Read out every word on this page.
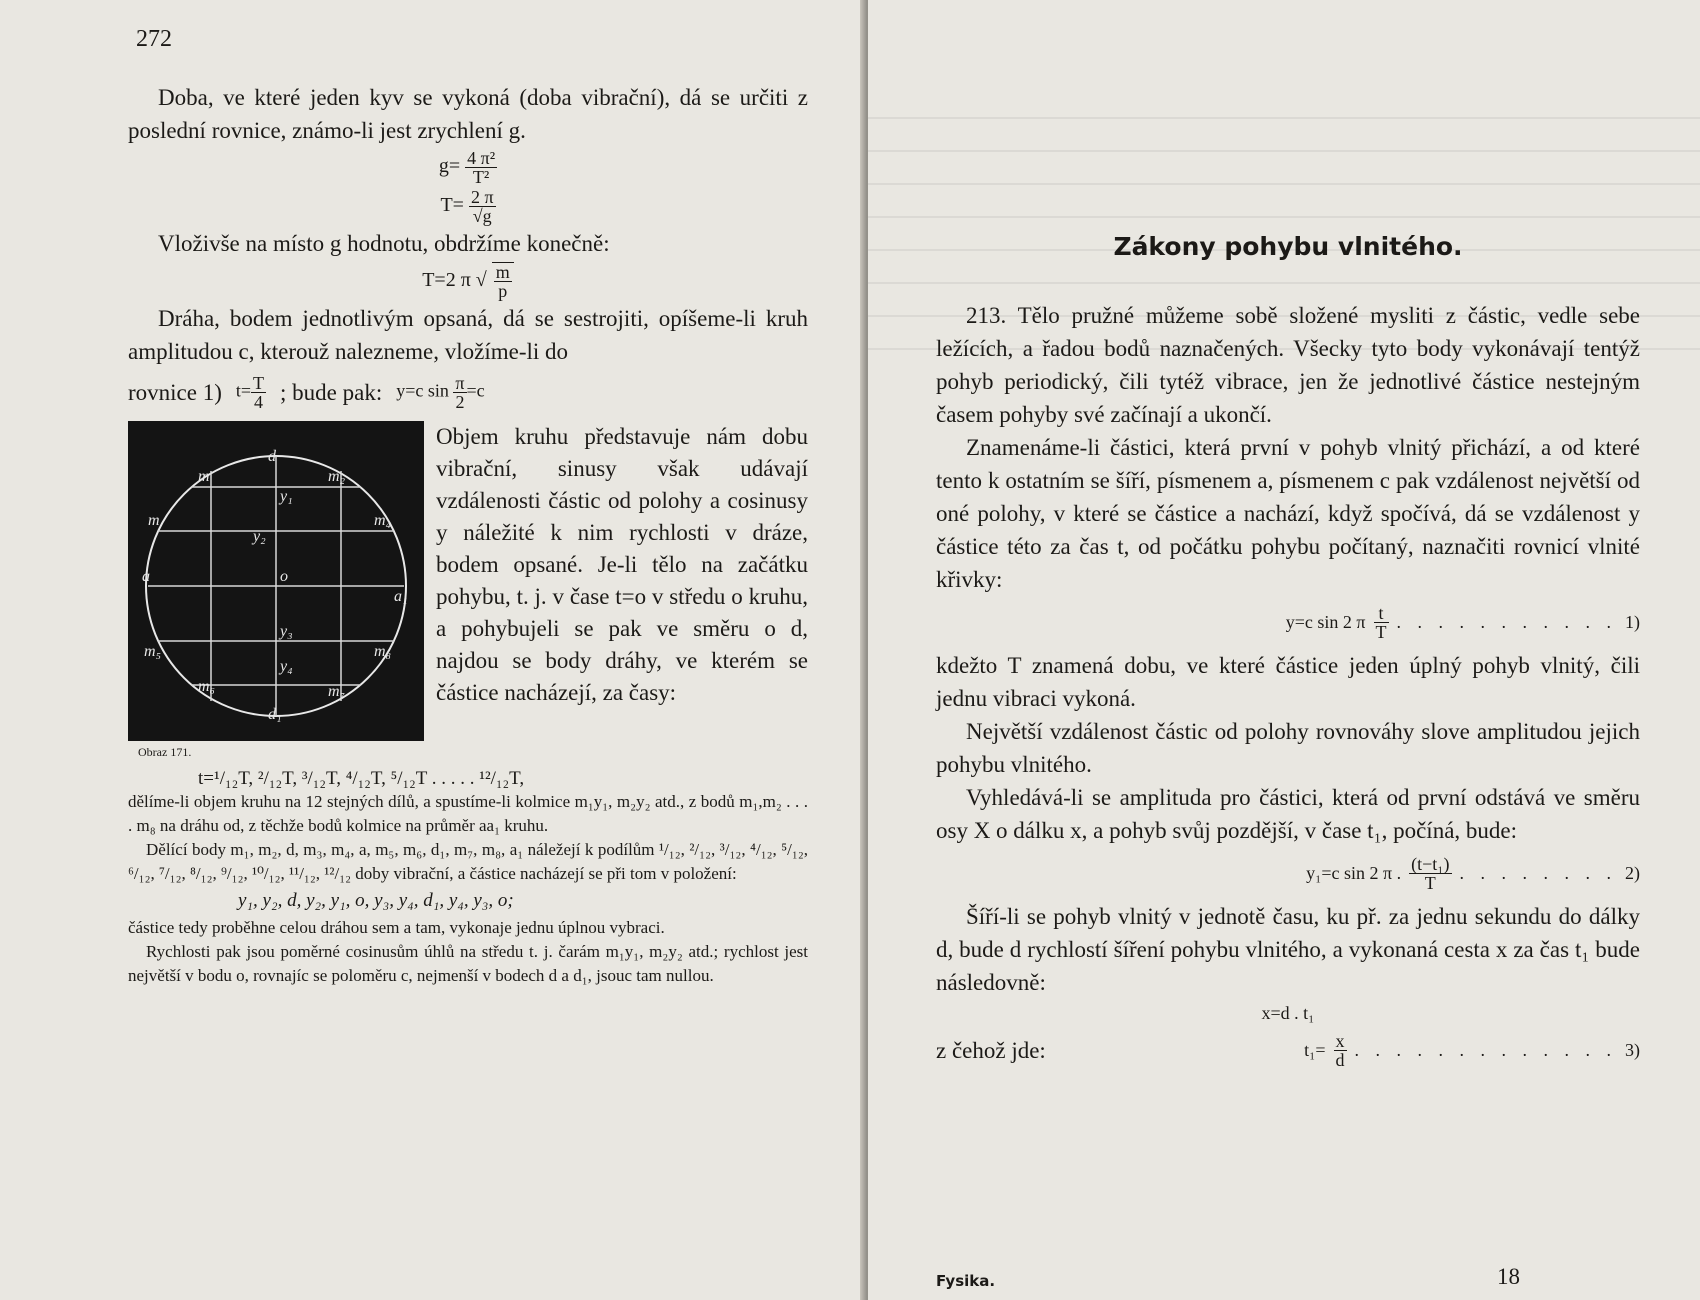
272

Doba, ve které jeden kyv se vykoná (doba vibrační), dá se určiti z poslední rovnice, známo-li jest zrychlení g.

$g= \frac{\text{4 π²}}{\text{T²}}$
$T= \frac{2 \pi}{√g}$

Vloživše na místo g hodnotu, obdržíme konečně:

T=2 π √ $\frac{m}{p}$

Dráha, bodem jednotlivým opsaná, dá se sestrojiti, opíšeme-li kruh amplitudou c, kterouž nalezneme, vložíme-li do

rovnice 1) $t= \frac{T}{4}$ ; bude pak: y=c $\sin \frac{\pi}{2} =c$
d
m	m₂
y₁
y₂
m	m₄
a	o
a₁
m₅
y₃
m₈
y₄
m₆	m₇
d₁
Obraz 171.

Objem kruhu představuje nám dobu vibrační, sinusy však udávají vzdálenosti částic od polohy a cosinusy y náležité k nim rychlosti v dráze, bodem opsané. Je-li tělo na začátku pohybu, t. j. v čase t=o v středu o kruhu, a pohybujeli se pak ve směru o d, najdou se body dráhy, ve kterém se částice nacházejí, za časy:

t=¹/₁₂T, ²/₁₂T, ³/₁₂T, ⁴/₁₂T, ⁵/₁₂T . . . . . ¹²/₁₂T,

dělíme-li objem kruhu na 12 stejných dílů, a spustíme-li kolmice m₁y₁, m₂y₂ atd., z bodů m₁,m₂ . . . . m₈ na dráhu od, z těchže bodů kolmice na průměr aa₁ kruhu.

Dělící body m₁, m₂, d, m₃, m₄, a, m₅, m₆, d₁, m₇, m₈, a₁ náležejí k podílům ¹/₁₂, ²/₁₂, ³/₁₂, ⁴/₁₂, ⁵/₁₂, ⁶/₁₂, ⁷/₁₂, ⁸/₁₂, ⁹/₁₂, ¹⁰/₁₂, ¹¹/₁₂, ¹²/₁₂ doby vibrační, a částice nacházejí se při tom v položení:

y₁, y₂, d, y₂, y₁, o, y₃, y₄, d₁, y₄, y₃, o;

částice tedy proběhne celou dráhou sem a tam, vykonaje jednu úplnou vybraci.

Rychlosti pak jsou poměrné cosinusům úhlů na středu t. j. čarám m₁y₁, m₂y₂ atd.; rychlost jest největší v bodu o, rovnajíc se poloměru c, nejmenší v bodech d a d₁, jsouc tam nullou.

Zákony pohybu vlnitého.

213. Tělo pružné můžeme sobě složené mysliti z částic, vedle sebe ležících, a řadou bodů naznačených. Všecky tyto body vykonávají tentýž pohyb periodický, čili tytéž vibrace, jen že jednotlivé částice nestejným časem pohyby své začínají a ukončí.

Znamenáme-li částici, která první v pohyb vlnitý přichází, a od které tento k ostatním se šíří, písmenem a, písmenem c pak vzdálenost největší od oné polohy, v které se částice a nachází, když spočívá, dá se vzdálenost y částice této za čas t, od počátku pohybu počítaný, naznačiti rovnicí vlnité křivky:

y=c sin 2 π $\frac{t}{T}$ . . . . . . . . . . . 1)

kdežto T znamená dobu, ve které částice jeden úplný pohyb vlnitý, čili jednu vibraci vykoná.

Největší vzdálenost částic od polohy rovnováhy slove amplitudou jejich pohybu vlnitého.

Vyhledává-li se amplituda pro částici, která od první odstává ve směru osy X o dálku x, a pohyb svůj pozdější, v čase t₁, počíná, bude:

y₁=c sin 2 π . $\frac{\text{(t−t₁)}}{T}$ . . . . . . . . 2)

Šíří-li se pohyb vlnitý v jednotě času, ku př. za jednu sekundu do dálky d, bude d rychlostí šíření pohybu vlnitého, a vykonaná cesta x za čas t₁ bude následovně:

x=d . t₁
z čehož jde:	$t_1= \frac{x}{d}$ . . . . . . . . . . . . . 3)
Fysika.	18
